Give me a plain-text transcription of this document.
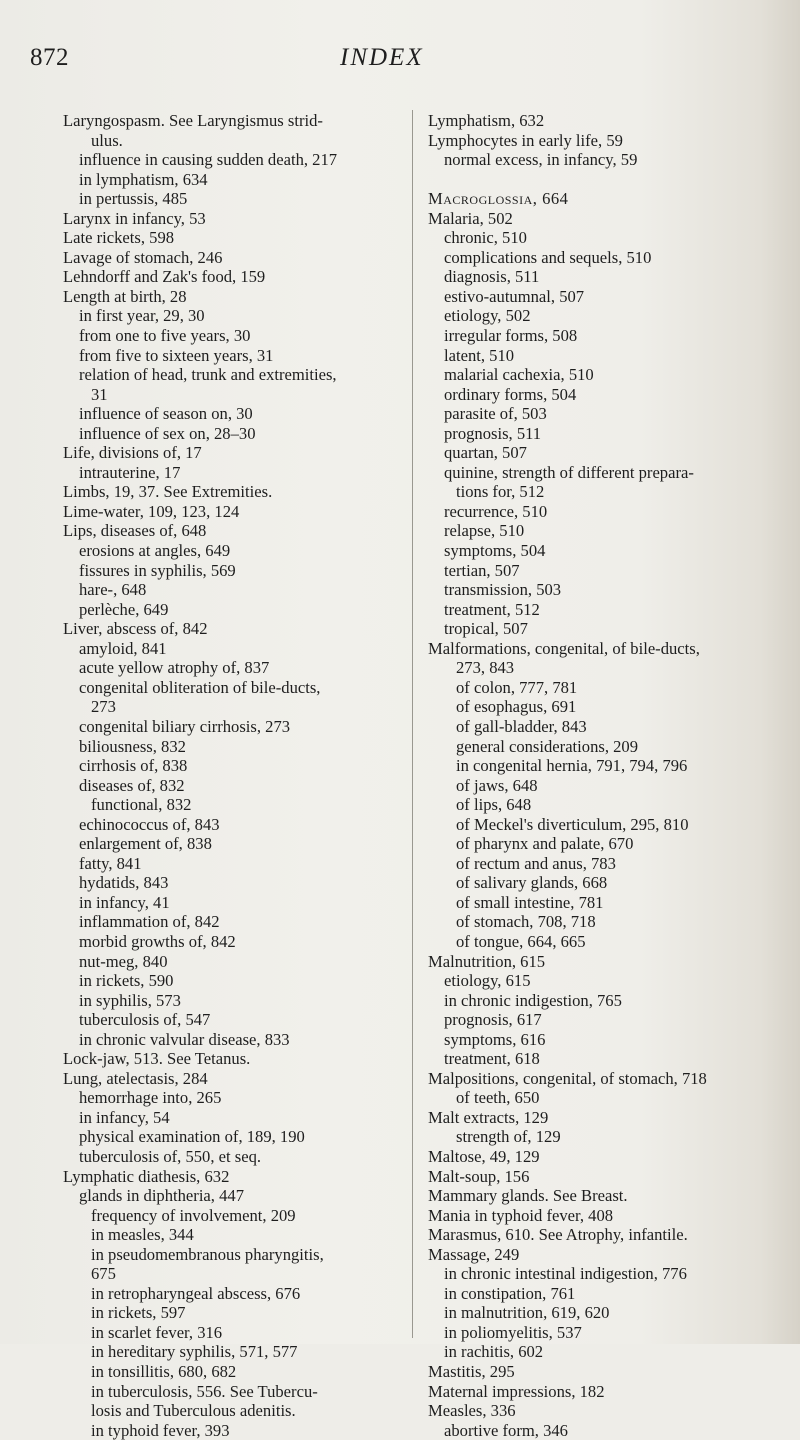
872	INDEX
Laryngospasm. See Laryngismus strid-
ulus.
influence in causing sudden death, 217
in lymphatism, 634
in pertussis, 485
Larynx in infancy, 53
Late rickets, 598
Lavage of stomach, 246
Lehndorff and Zak's food, 159
Length at birth, 28
in first year, 29, 30
from one to five years, 30
from five to sixteen years, 31
relation of head, trunk and extremities,
31
influence of season on, 30
influence of sex on, 28–30
Life, divisions of, 17
intrauterine, 17
Limbs, 19, 37. See Extremities.
Lime-water, 109, 123, 124
Lips, diseases of, 648
erosions at angles, 649
fissures in syphilis, 569
hare-, 648
perlèche, 649
Liver, abscess of, 842
amyloid, 841
acute yellow atrophy of, 837
congenital obliteration of bile-ducts,
273
congenital biliary cirrhosis, 273
biliousness, 832
cirrhosis of, 838
diseases of, 832
functional, 832
echinococcus of, 843
enlargement of, 838
fatty, 841
hydatids, 843
in infancy, 41
inflammation of, 842
morbid growths of, 842
nut-meg, 840
in rickets, 590
in syphilis, 573
tuberculosis of, 547
in chronic valvular disease, 833
Lock-jaw, 513. See Tetanus.
Lung, atelectasis, 284
hemorrhage into, 265
in infancy, 54
physical examination of, 189, 190
tuberculosis of, 550, et seq.
Lymphatic diathesis, 632
glands in diphtheria, 447
frequency of involvement, 209
in measles, 344
in pseudomembranous pharyngitis,
675
in retropharyngeal abscess, 676
in rickets, 597
in scarlet fever, 316
in hereditary syphilis, 571, 577
in tonsillitis, 680, 682
in tuberculosis, 556. See Tubercu-
losis and Tuberculous adenitis.
in typhoid fever, 393
Lymphatism, 632
Lymphocytes in early life, 59
normal excess, in infancy, 59

Macroglossia, 664
Malaria, 502
chronic, 510
complications and sequels, 510
diagnosis, 511
estivo-autumnal, 507
etiology, 502
irregular forms, 508
latent, 510
malarial cachexia, 510
ordinary forms, 504
parasite of, 503
prognosis, 511
quartan, 507
quinine, strength of different prepara-
tions for, 512
recurrence, 510
relapse, 510
symptoms, 504
tertian, 507
transmission, 503
treatment, 512
tropical, 507
Malformations, congenital, of bile-ducts,
273, 843
of colon, 777, 781
of esophagus, 691
of gall-bladder, 843
general considerations, 209
in congenital hernia, 791, 794, 796
of jaws, 648
of lips, 648
of Meckel's diverticulum, 295, 810
of pharynx and palate, 670
of rectum and anus, 783
of salivary glands, 668
of small intestine, 781
of stomach, 708, 718
of tongue, 664, 665
Malnutrition, 615
etiology, 615
in chronic indigestion, 765
prognosis, 617
symptoms, 616
treatment, 618
Malpositions, congenital, of stomach, 718
of teeth, 650
Malt extracts, 129
strength of, 129
Maltose, 49, 129
Malt-soup, 156
Mammary glands. See Breast.
Mania in typhoid fever, 408
Marasmus, 610. See Atrophy, infantile.
Massage, 249
in chronic intestinal indigestion, 776
in constipation, 761
in malnutrition, 619, 620
in poliomyelitis, 537
in rachitis, 602
Mastitis, 295
Maternal impressions, 182
Measles, 336
abortive form, 346
